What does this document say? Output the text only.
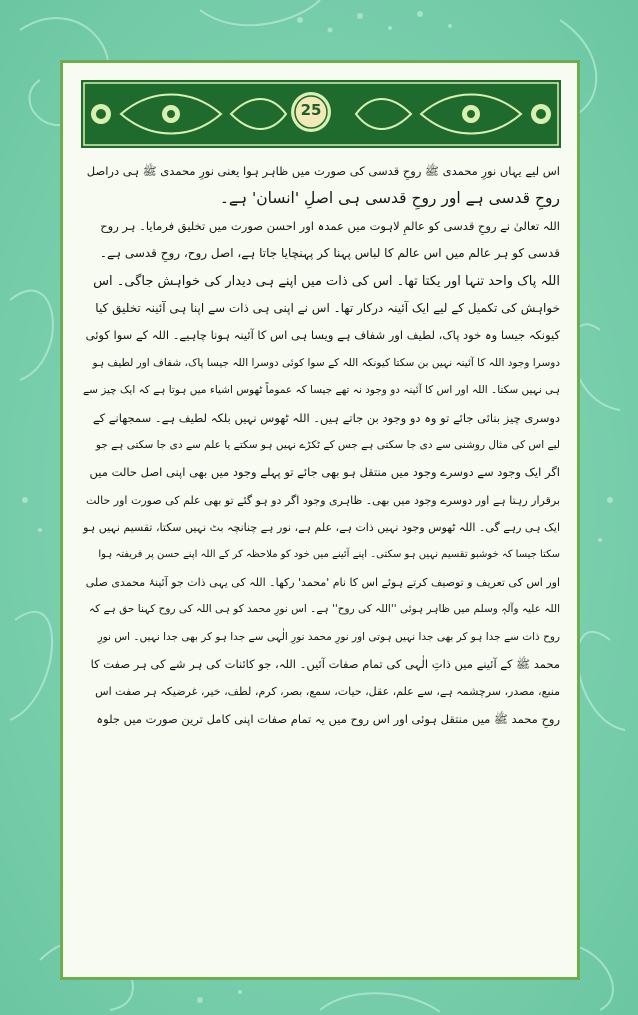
25
اس لیے یہاں نورِ محمدی ﷺ روحِ قدسی کی صورت میں ظاہر ہوا یعنی نورِ محمدی ﷺ ہی دراصل
روحِ قدسی ہے اور روحِ قدسی ہی اصلِ 'انسان' ہے۔
اللہ تعالیٰ نے روحِ قدسی کو عالمِ لاہوت میں عمدہ اور احسن صورت میں تخلیق فرمایا۔ ہر روح
قدسی کو ہر عالم میں اس عالم کا لباس پہنا کر پہنچایا جاتا ہے، اصل روح، روحِ قدسی ہے۔
اللہ پاک واحد تنہا اور یکتا تھا۔ اس کی ذات میں اپنے ہی دیدار کی خواہش جاگی۔ اس
خواہش کی تکمیل کے لیے ایک آئینہ درکار تھا۔ اس نے اپنی ہی ذات سے اپنا ہی آئینہ تخلیق کیا
کیونکہ جیسا وہ خود پاک، لطیف اور شفاف ہے ویسا ہی اس کا آئینہ ہونا چاہیے۔ اللہ کے سوا کوئی
دوسرا وجود اللہ کا آئینہ نہیں بن سکتا کیونکہ اللہ کے سوا کوئی دوسرا اللہ جیسا پاک، شفاف اور لطیف ہو
ہی نہیں سکتا۔ اللہ اور اس کا آئینہ دو وجود نہ تھے جیسا کہ عموماً ٹھوس اشیاء میں ہوتا ہے کہ ایک چیز سے
دوسری چیز بنائی جائے تو وہ دو وجود بن جاتے ہیں۔ اللہ ٹھوس نہیں بلکہ لطیف ہے۔ سمجھانے کے
لیے اس کی مثال روشنی سے دی جا سکتی ہے جس کے ٹکڑے نہیں ہو سکتے یا علم سے دی جا سکتی ہے جو
اگر ایک وجود سے دوسرے وجود میں منتقل ہو بھی جائے تو پہلے وجود میں بھی اپنی اصل حالت میں
برقرار رہتا ہے اور دوسرے وجود میں بھی۔ ظاہری وجود اگر دو ہو گئے تو بھی علم کی صورت اور حالت
ایک ہی رہے گی۔ اللہ ٹھوس وجود نہیں ذات ہے، علم ہے، نور ہے چنانچہ بٹ نہیں سکتا، تقسیم نہیں ہو
سکتا جیسا کہ خوشبو تقسیم نہیں ہو سکتی۔ اپنے آئینے میں خود کو ملاحظہ کر کے اللہ اپنے حسن پر فریفتہ ہوا
اور اس کی تعریف و توصیف کرتے ہوئے اس کا نام 'محمد' رکھا۔ اللہ کی یہی ذات جو آئینۂ محمدی صلی
اللہ علیہ وآلہٖ وسلم میں ظاہر ہوئی ''اللہ کی روح'' ہے۔ اس نورِ محمد کو ہی اللہ کی روح کہنا حق ہے کہ
روح ذات سے جدا ہو کر بھی جدا نہیں ہوتی اور نورِ محمد نورِ الٰہی سے جدا ہو کر بھی جدا نہیں۔ اس نورِ
محمد ﷺ کے آئینے میں ذاتِ الٰہی کی تمام صفات آئیں۔ اللہ، جو کائنات کی ہر شے کی ہر صفت کا
منبع، مصدر، سرچشمہ ہے، سے علم، عقل، حیات، سمع، بصر، کرم، لطف، خیر، غرضیکہ ہر صفت اس
روحِ محمد ﷺ میں منتقل ہوئی اور اس روح میں یہ تمام صفات اپنی کامل ترین صورت میں جلوہ
